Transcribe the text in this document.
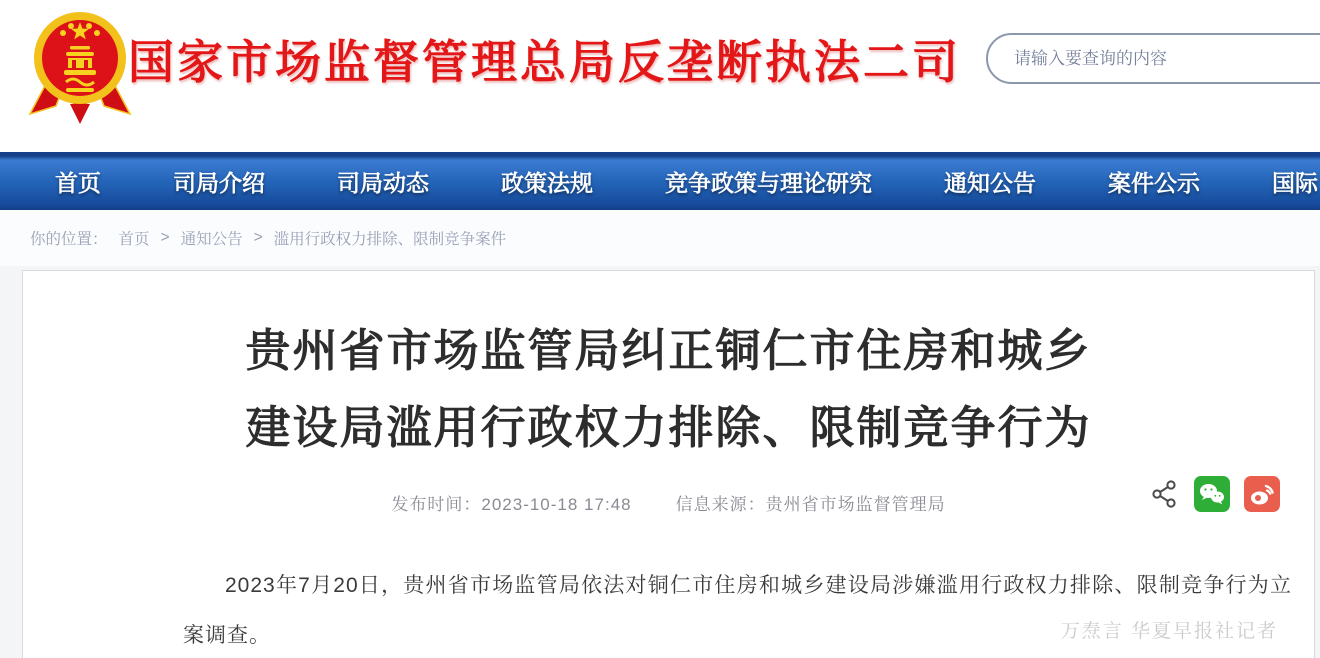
国家市场监督管理总局反垄断执法二司
请输入要查询的内容
首页	司局介绍	司局动态	政策法规	竞争政策与理论研究	通知公告	案件公示	国际
你的位置： 首页 > 通知公告 > 滥用行政权力排除、限制竞争案件
贵州省市场监管局纠正铜仁市住房和城乡
建设局滥用行政权力排除、限制竞争行为
发布时间：2023-10-18 17:48	信息来源：贵州省市场监督管理局

2023年7月20日，贵州省市场监管局依法对铜仁市住房和城乡建设局涉嫌滥用行政权力排除、限制竞争行为立案调查。	万焘言 华夏早报社记者
